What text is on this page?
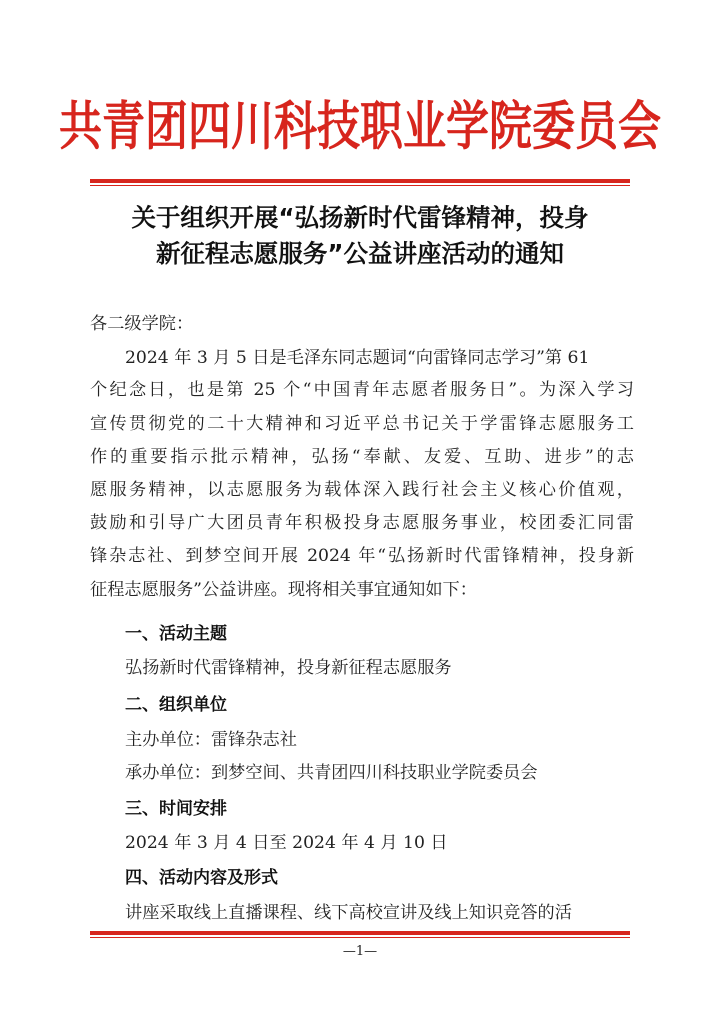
共青团四川科技职业学院委员会
关于组织开展“弘扬新时代雷锋精神，投身
新征程志愿服务”公益讲座活动的通知
各二级学院：
2024 年 3 月 5 日是毛泽东同志题词“向雷锋同志学习”第 61
个纪念日，也是第 25 个“中国青年志愿者服务日”。为深入学习
宣传贯彻党的二十大精神和习近平总书记关于学雷锋志愿服务工
作的重要指示批示精神，弘扬“奉献、友爱、互助、进步”的志
愿服务精神，以志愿服务为载体深入践行社会主义核心价值观，
鼓励和引导广大团员青年积极投身志愿服务事业，校团委汇同雷
锋杂志社、到梦空间开展 2024 年“弘扬新时代雷锋精神，投身新
征程志愿服务”公益讲座。现将相关事宜通知如下：
一、活动主题
弘扬新时代雷锋精神，投身新征程志愿服务
二、组织单位
主办单位：雷锋杂志社
承办单位：到梦空间、共青团四川科技职业学院委员会
三、时间安排
2024 年 3 月 4 日至 2024 年 4 月 10 日
四、活动内容及形式
讲座采取线上直播课程、线下高校宣讲及线上知识竞答的活
—1—
